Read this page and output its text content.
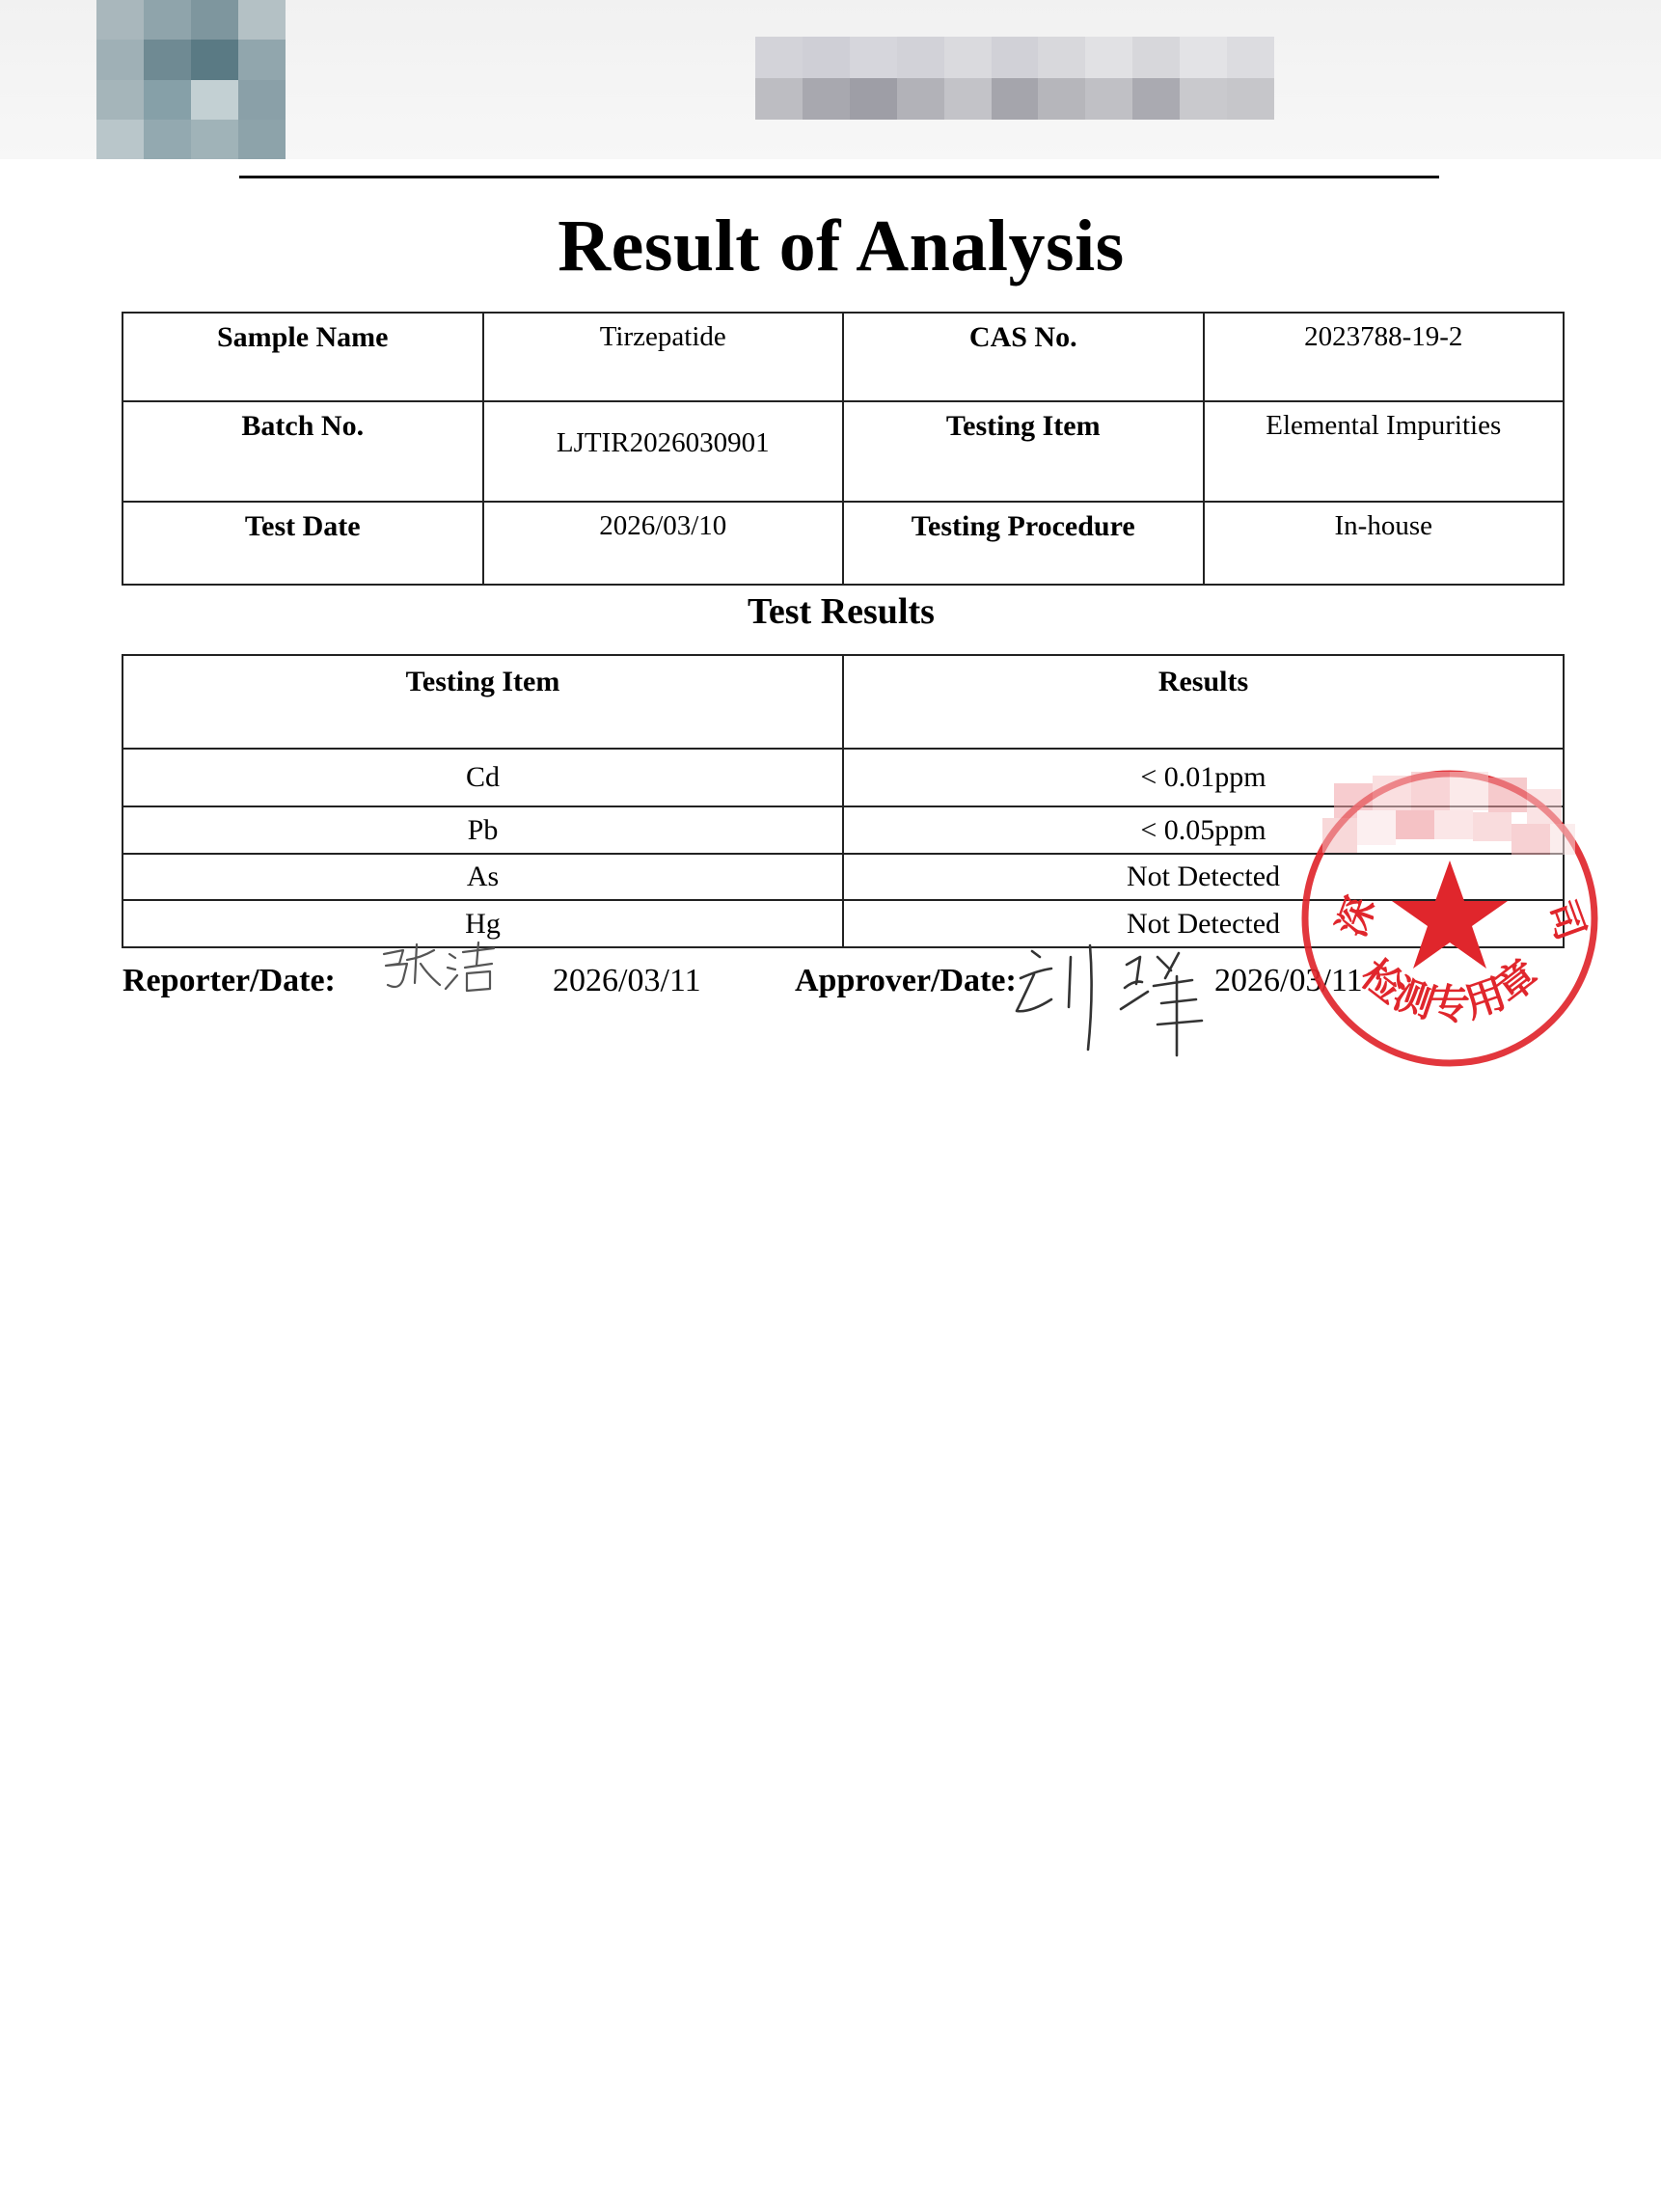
Result of Analysis
Sample Name	Tirzepatide	CAS No.	2023788-19-2
Batch No.	LJTIR2026030901	Testing Item	Elemental Impurities
Test Date	2026/03/10	Testing Procedure	In-house
Test Results
Testing Item	Results
Cd	< 0.01ppm
Pb	< 0.05ppm
As	Not Detected
Hg	Not Detected
Reporter/Date:	2026/03/11	Approver/Date:	2026/03/11
检测专用章
深	司
